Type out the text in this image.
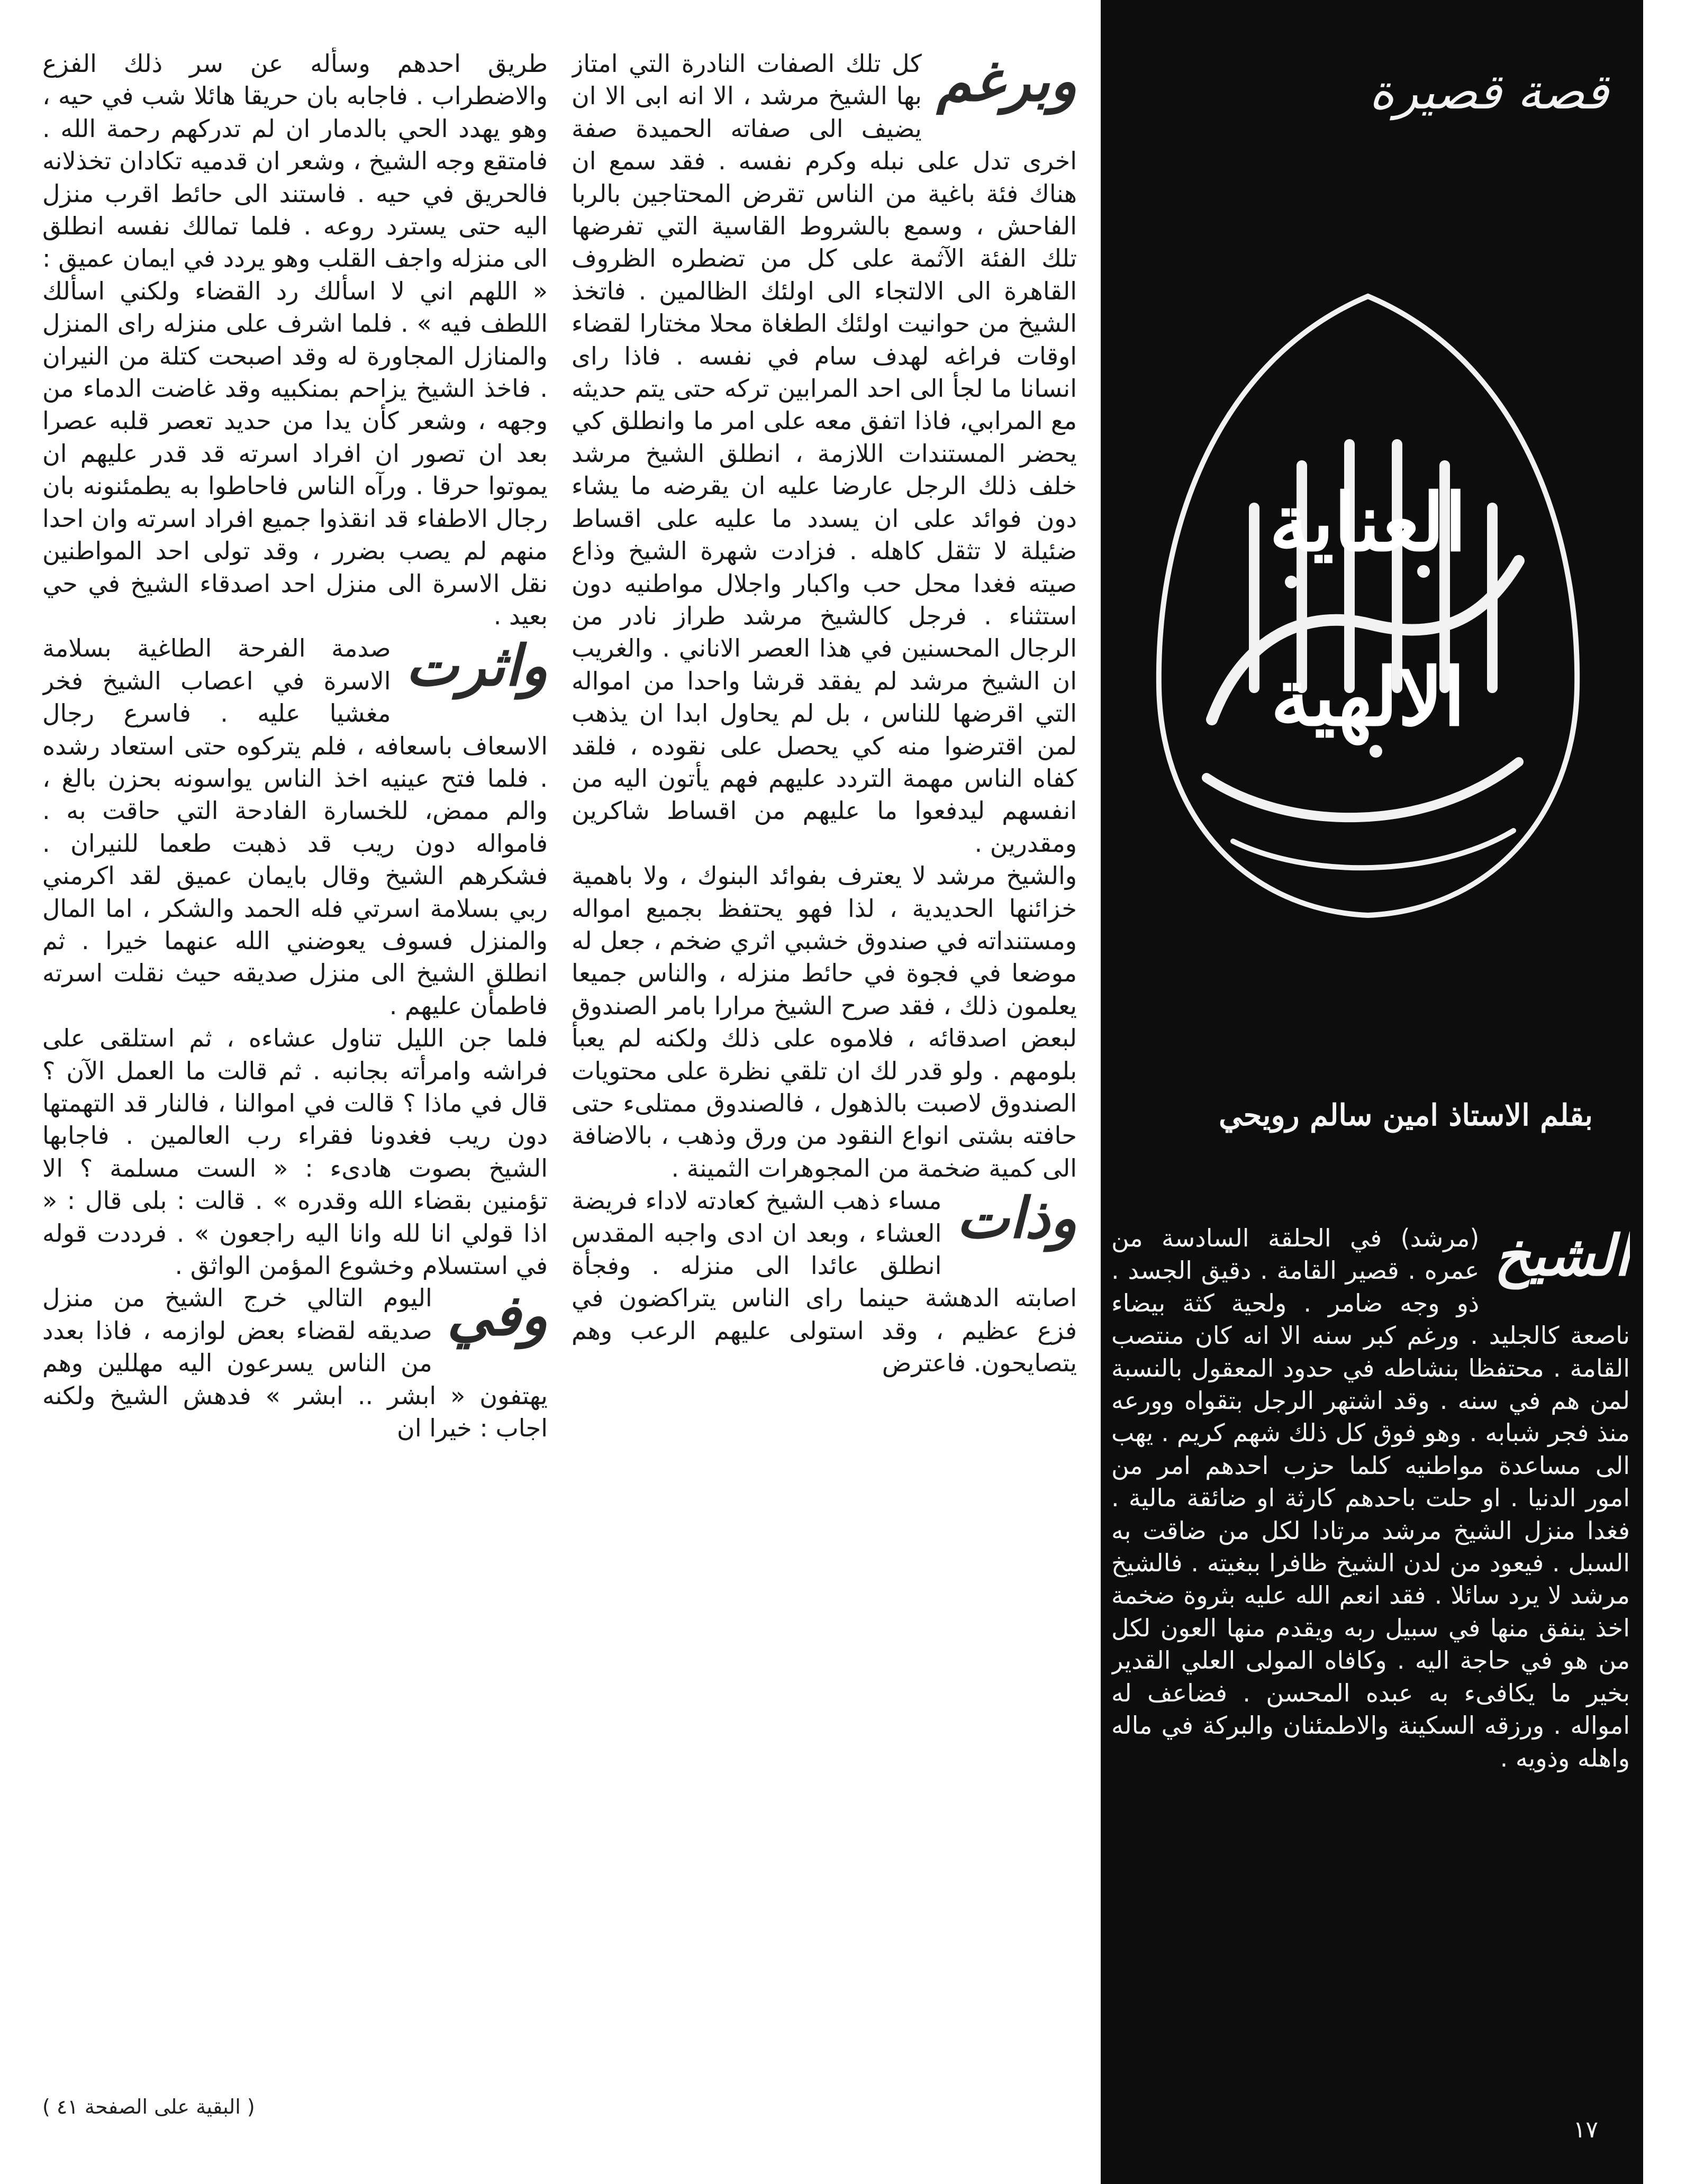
وبرغم
كل تلك الصفات النادرة التي امتاز بها الشيخ مرشد ، الا انه ابى الا ان يضيف الى صفاته الحميدة صفة اخرى تدل على نبله وكرم نفسه . فقد سمع ان هناك فئة باغية من الناس تقرض المحتاجين بالربا الفاحش ، وسمع بالشروط القاسية التي تفرضها تلك الفئة الآثمة على كل من تضطره الظروف القاهرة الى الالتجاء الى اولئك الظالمين . فاتخذ الشيخ من حوانيت اولئك الطغاة محلا مختارا لقضاء اوقات فراغه لهدف سام في نفسه . فاذا راى انسانا ما لجأ الى احد المرابين تركه حتى يتم حديثه مع المرابي، فاذا اتفق معه على امر ما وانطلق كي يحضر المستندات اللازمة ، انطلق الشيخ مرشد خلف ذلك الرجل عارضا عليه ان يقرضه ما يشاء دون فوائد على ان يسدد ما عليه على اقساط ضئيلة لا تثقل كاهله . فزادت شهرة الشيخ وذاع صيته فغدا محل حب واكبار واجلال مواطنيه دون استثناء . فرجل كالشيخ مرشد طراز نادر من الرجال المحسنين في هذا العصر الاناني . والغريب ان الشيخ مرشد لم يفقد قرشا واحدا من امواله التي اقرضها للناس ، بل لم يحاول ابدا ان يذهب لمن اقترضوا منه كي يحصل على نقوده ، فلقد كفاه الناس مهمة التردد عليهم فهم يأتون اليه من انفسهم ليدفعوا ما عليهم من اقساط شاكرين ومقدرين .

والشيخ مرشد لا يعترف بفوائد البنوك ، ولا باهمية خزائنها الحديدية ، لذا فهو يحتفظ بجميع امواله ومستنداته في صندوق خشبي اثري ضخم ، جعل له موضعا في فجوة في حائط منزله ، والناس جميعا يعلمون ذلك ، فقد صرح الشيخ مرارا بامر الصندوق لبعض اصدقائه ، فلاموه على ذلك ولكنه لم يعبأ بلومهم . ولو قدر لك ان تلقي نظرة على محتويات الصندوق لاصبت بالذهول ، فالصندوق ممتلىء حتى حافته بشتى انواع النقود من ورق وذهب ، بالاضافة الى كمية ضخمة من المجوهرات الثمينة .

وذات
مساء ذهب الشيخ كعادته لاداء فريضة العشاء ، وبعد ان ادى واجبه المقدس انطلق عائدا الى منزله . وفجأة اصابته الدهشة حينما راى الناس يتراكضون في فزع عظيم ، وقد استولى عليهم الرعب وهم يتصايحون. فاعترض

طريق احدهم وسأله عن سر ذلك الفزع والاضطراب . فاجابه بان حريقا هائلا شب في حيه ، وهو يهدد الحي بالدمار ان لم تدركهم رحمة الله . فامتقع وجه الشيخ ، وشعر ان قدميه تكادان تخذلانه فالحريق في حيه . فاستند الى حائط اقرب منزل اليه حتى يسترد روعه . فلما تمالك نفسه انطلق الى منزله واجف القلب وهو يردد في ايمان عميق : « اللهم اني لا اسألك رد القضاء ولكني اسألك اللطف فيه » . فلما اشرف على منزله راى المنزل والمنازل المجاورة له وقد اصبحت كتلة من النيران . فاخذ الشيخ يزاحم بمنكبيه وقد غاضت الدماء من وجهه ، وشعر كأن يدا من حديد تعصر قلبه عصرا بعد ان تصور ان افراد اسرته قد قدر عليهم ان يموتوا حرقا . ورآه الناس فاحاطوا به يطمئنونه بان رجال الاطفاء قد انقذوا جميع افراد اسرته وان احدا منهم لم يصب بضرر ، وقد تولى احد المواطنين نقل الاسرة الى منزل احد اصدقاء الشيخ في حي بعيد .

واثرت
صدمة الفرحة الطاغية بسلامة الاسرة في اعصاب الشيخ فخر مغشيا عليه . فاسرع رجال الاسعاف باسعافه ، فلم يتركوه حتى استعاد رشده . فلما فتح عينيه اخذ الناس يواسونه بحزن بالغ ، والم ممض، للخسارة الفادحة التي حاقت به . فامواله دون ريب قد ذهبت طعما للنيران . فشكرهم الشيخ وقال بايمان عميق لقد اكرمني ربي بسلامة اسرتي فله الحمد والشكر ، اما المال والمنزل فسوف يعوضني الله عنهما خيرا . ثم انطلق الشيخ الى منزل صديقه حيث نقلت اسرته فاطمأن عليهم .

فلما جن الليل تناول عشاءه ، ثم استلقى على فراشه وامرأته بجانبه . ثم قالت ما العمل الآن ؟ قال في ماذا ؟ قالت في اموالنا ، فالنار قد التهمتها دون ريب فغدونا فقراء رب العالمين . فاجابها الشيخ بصوت هادىء : « الست مسلمة ؟ الا تؤمنين بقضاء الله وقدره » . قالت : بلى قال : « اذا قولي انا لله وانا اليه راجعون » . فرددت قوله في استسلام وخشوع المؤمن الواثق .

وفي
اليوم التالي خرج الشيخ من منزل صديقه لقضاء بعض لوازمه ، فاذا بعدد من الناس يسرعون اليه مهللين وهم يهتفون « ابشر .. ابشر » فدهش الشيخ ولكنه اجاب : خيرا ان

( البقية على الصفحة ٤١ )
قصة قصيرة
العناية
الالهية
بقلم الاستاذ امين سالم رويحي

الشيخ
(مرشد) في الحلقة السادسة من عمره . قصير القامة . دقيق الجسد . ذو وجه ضامر . ولحية كثة بيضاء ناصعة كالجليد . ورغم كبر سنه الا انه كان منتصب القامة . محتفظا بنشاطه في حدود المعقول بالنسبة لمن هم في سنه . وقد اشتهر الرجل بتقواه وورعه منذ فجر شبابه . وهو فوق كل ذلك شهم كريم . يهب الى مساعدة مواطنيه كلما حزب احدهم امر من امور الدنيا . او حلت باحدهم كارثة او ضائقة مالية . فغدا منزل الشيخ مرشد مرتادا لكل من ضاقت به السبل . فيعود من لدن الشيخ ظافرا ببغيته . فالشيخ مرشد لا يرد سائلا . فقد انعم الله عليه بثروة ضخمة اخذ ينفق منها في سبيل ربه ويقدم منها العون لكل من هو في حاجة اليه . وكافاه المولى العلي القدير بخير ما يكافىء به عبده المحسن . فضاعف له امواله . ورزقه السكينة والاطمئنان والبركة في ماله واهله وذويه .

١٧
